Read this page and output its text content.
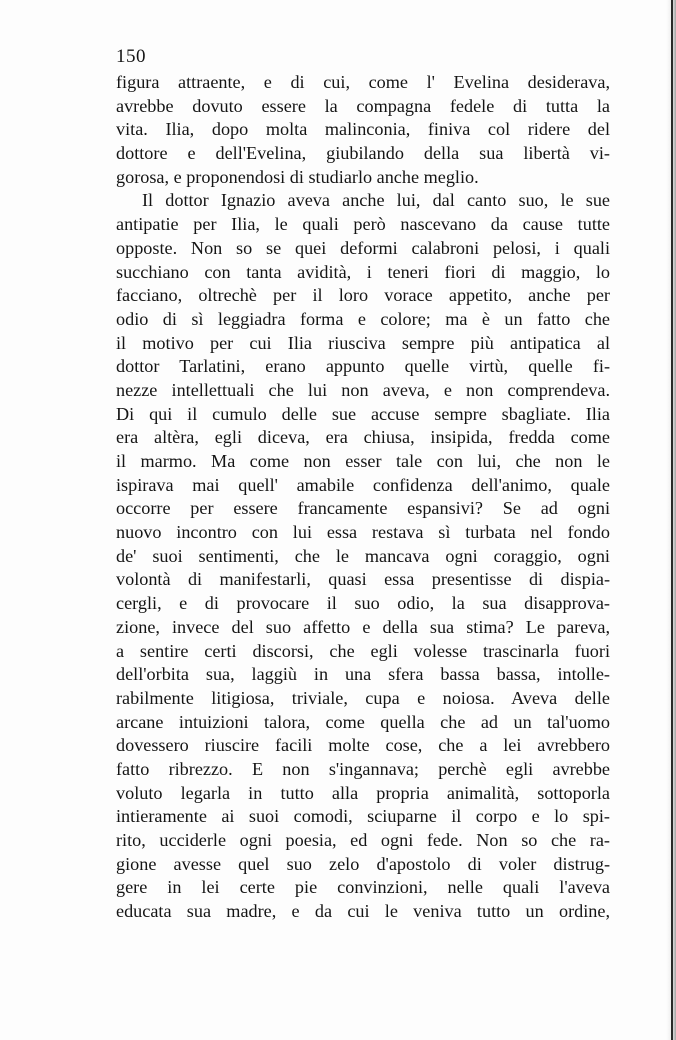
150
figura attraente, e di cui, come l' Evelina desiderava,
avrebbe dovuto essere la compagna fedele di tutta la
vita. Ilia, dopo molta malinconia, finiva col ridere del
dottore e dell'Evelina, giubilando della sua libertà vi-
gorosa, e proponendosi di studiarlo anche meglio.
Il dottor Ignazio aveva anche lui, dal canto suo, le sue
antipatie per Ilia, le quali però nascevano da cause tutte
opposte. Non so se quei deformi calabroni pelosi, i quali
succhiano con tanta avidità, i teneri fiori di maggio, lo
facciano, oltrechè per il loro vorace appetito, anche per
odio di sì leggiadra forma e colore; ma è un fatto che
il motivo per cui Ilia riusciva sempre più antipatica al
dottor Tarlatini, erano appunto quelle virtù, quelle fi-
nezze intellettuali che lui non aveva, e non comprendeva.
Di qui il cumulo delle sue accuse sempre sbagliate. Ilia
era altèra, egli diceva, era chiusa, insipida, fredda come
il marmo. Ma come non esser tale con lui, che non le
ispirava mai quell' amabile confidenza dell'animo, quale
occorre per essere francamente espansivi? Se ad ogni
nuovo incontro con lui essa restava sì turbata nel fondo
de' suoi sentimenti, che le mancava ogni coraggio, ogni
volontà di manifestarli, quasi essa presentisse di dispia-
cergli, e di provocare il suo odio, la sua disapprova-
zione, invece del suo affetto e della sua stima? Le pareva,
a sentire certi discorsi, che egli volesse trascinarla fuori
dell'orbita sua, laggiù in una sfera bassa bassa, intolle-
rabilmente litigiosa, triviale, cupa e noiosa. Aveva delle
arcane intuizioni talora, come quella che ad un tal'uomo
dovessero riuscire facili molte cose, che a lei avrebbero
fatto ribrezzo. E non s'ingannava; perchè egli avrebbe
voluto legarla in tutto alla propria animalità, sottoporla
intieramente ai suoi comodi, sciuparne il corpo e lo spi-
rito, ucciderle ogni poesia, ed ogni fede. Non so che ra-
gione avesse quel suo zelo d'apostolo di voler distrug-
gere in lei certe pie convinzioni, nelle quali l'aveva
educata sua madre, e da cui le veniva tutto un ordine,
